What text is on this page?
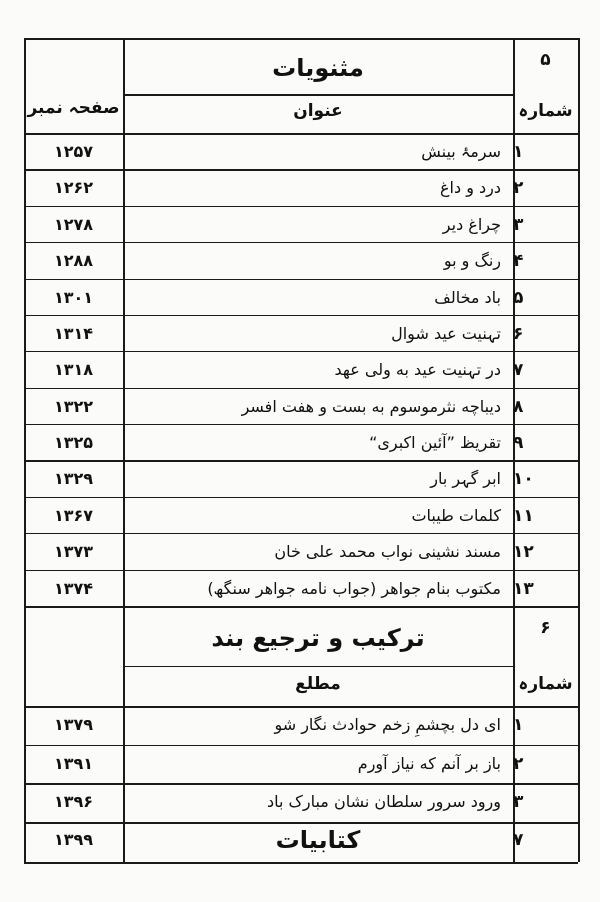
۵
مثنویات
شمارہ
عنوان
صفحہ نمبر
۱
سرمۂ بینش
۱۲۵۷
۲
درد و داغ
۱۲۶۲
۳
چراغ دیر
۱۲۷۸
۴
رنگ و بو
۱۲۸۸
۵
باد مخالف
۱۳۰۱
۶
تہنیت عید شوال
۱۳۱۴
۷
در تہنیت عید به ولی عهد
۱۳۱۸
۸
دیباچه نثرموسوم به بست و هفت افسر
۱۳۲۲
۹
تقریظ ”آئین اکبری“
۱۳۲۵
۱۰
ابر گہر بار
۱۳۲۹
۱۱
کلمات طیبات
۱۳۶۷
۱۲
مسند نشینی نواب محمد علی خان
۱۳۷۳
۱۳
مکتوب بنام جواهر (جواب نامه جواهر سنگھ)
۱۳۷۴
۶
ترکیب و ترجیع بند
شمارہ
مطلع
۱
ای دل بچشمِ زخم حوادث نگار شو
۱۳۷۹
۲
باز بر آنم که نیاز آورم
۱۳۹۱
۳
ورود سرور سلطان نشان مبارک باد
۱۳۹۶
۷
کتابیات
۱۳۹۹
